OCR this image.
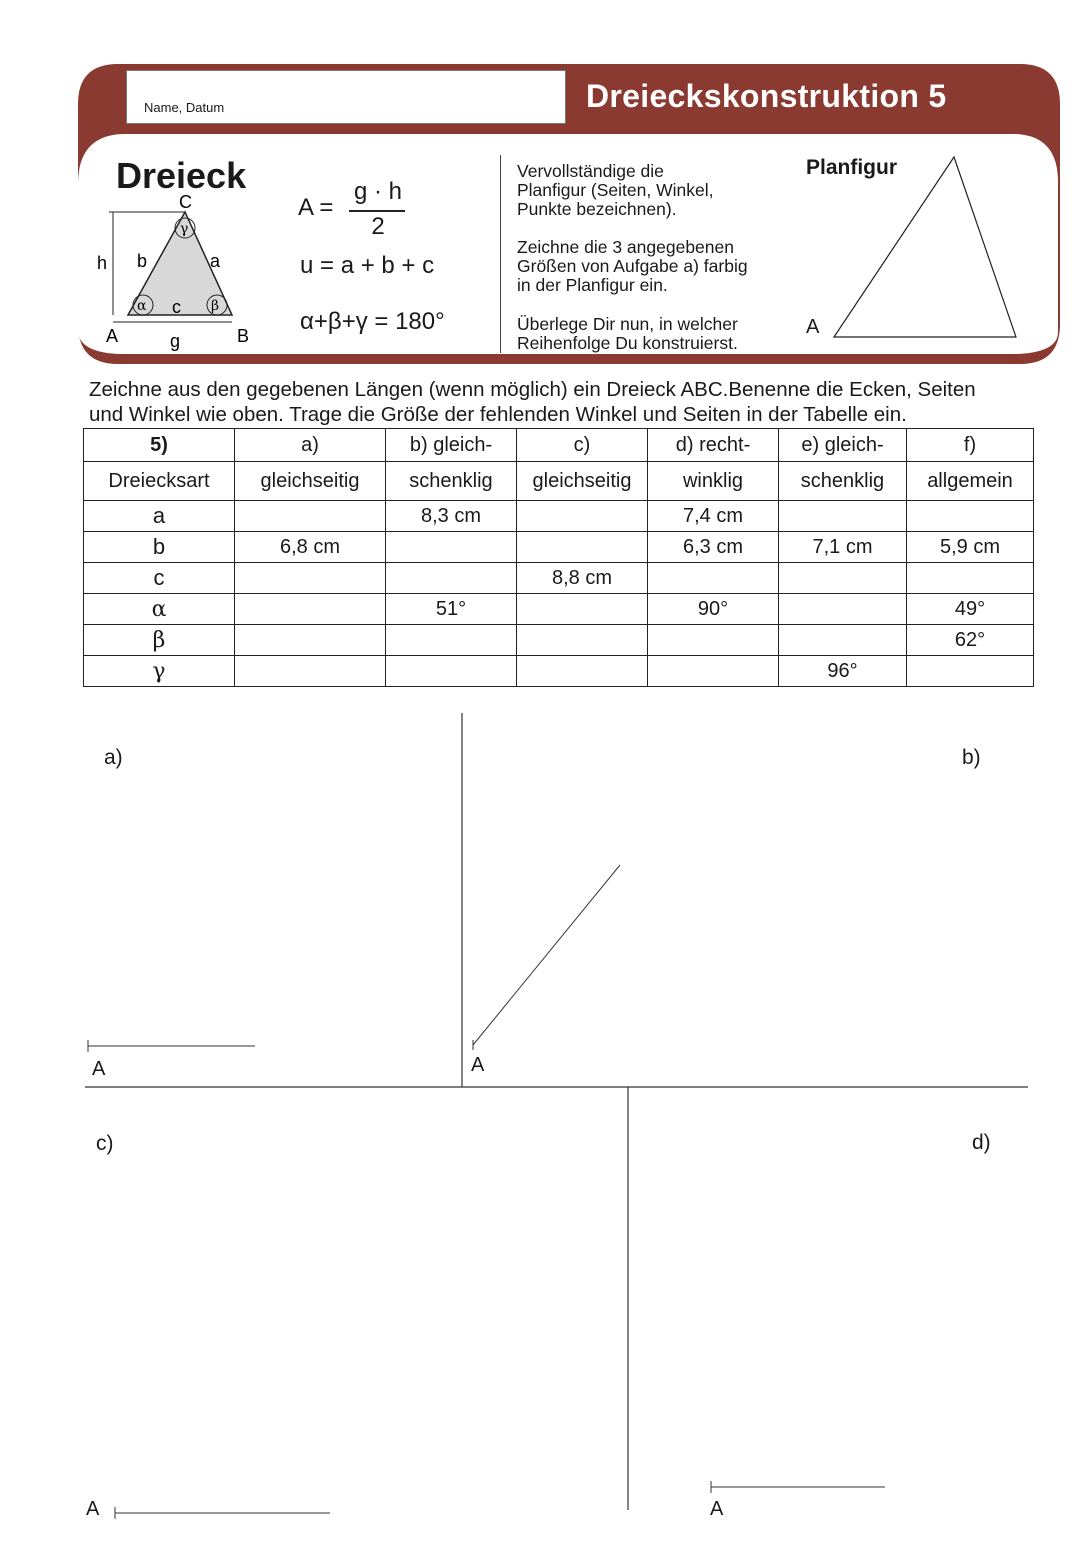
Name, Datum	Dreieckskonstruktion 5
Dreieck
C
A	B
h b	a
c
g
α	β
γ
A =
g · h
2
u = a + b + c
α+β+γ = 180°
Vervollständige die
Planfigur (Seiten, Winkel,
Punkte bezeichnen).
Zeichne die 3 angegebenen
Größen von Aufgabe a) farbig
in der Planfigur ein.
Überlege Dir nun, in welcher
Reihenfolge Du konstruierst.
Planfigur
A
Zeichne aus den gegebenen Längen (wenn möglich) ein Dreieck ABC.Benenne die Ecken, Seiten
und Winkel wie oben. Trage die Größe der fehlenden Winkel und Seiten in der Tabelle ein.
5)	a)	b) gleich-	c)	d) recht-	e) gleich-	f)
Dreiecksart	gleichseitig	schenklig	gleichseitig	winklig	schenklig	allgemein
a		8,3 cm		7,4 cm		
b	6,8 cm			6,3 cm	7,1 cm	5,9 cm
c			8,8 cm			
α		51°		90°		49°
β						62°
γ					96°	
a)	b)
c)	d)
A	A
A	A
